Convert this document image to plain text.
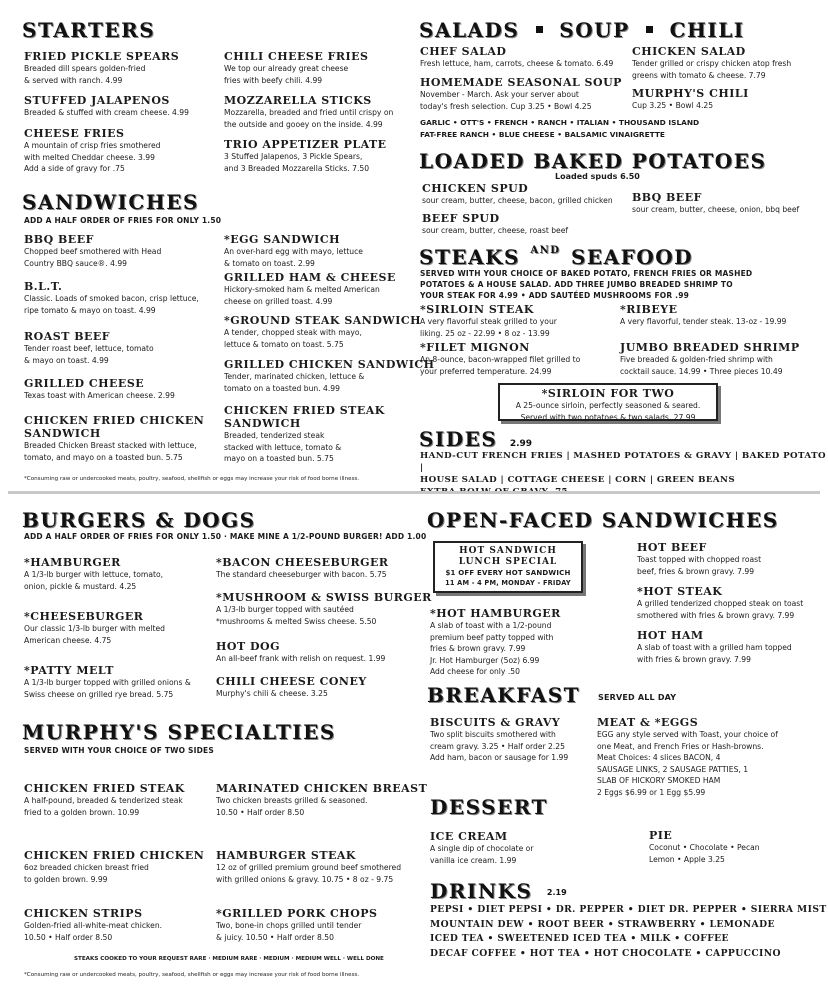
STARTERS
FRIED PICKLE SPEARS
Breaded dill spears golden-fried
& served with ranch. 4.99
STUFFED JALAPENOS
Breaded & stuffed with cream cheese. 4.99
CHEESE FRIES
A mountain of crisp fries smothered
with melted Cheddar cheese. 3.99
Add a side of gravy for .75
CHILI CHEESE FRIES
We top our already great cheese
fries with beefy chili. 4.99
MOZZARELLA STICKS
Mozzarella, breaded and fried until crispy on
the outside and gooey on the inside. 4.99
TRIO APPETIZER PLATE
3 Stuffed Jalapenos, 3 Pickle Spears,
and 3 Breaded Mozzarella Sticks. 7.50
SANDWICHES
ADD A HALF ORDER OF FRIES FOR ONLY 1.50
BBQ BEEF
Chopped beef smothered with Head
Country BBQ sauce®. 4.99
B.L.T.
Classic. Loads of smoked bacon, crisp lettuce,
ripe tomato & mayo on toast. 4.99
ROAST BEEF
Tender roast beef, lettuce, tomato
& mayo on toast. 4.99
GRILLED CHEESE
Texas toast with American cheese. 2.99
CHICKEN FRIED CHICKEN
SANDWICH
Breaded Chicken Breast stacked with lettuce,
tomato, and mayo on a toasted bun. 5.75
*EGG SANDWICH
An over-hard egg with mayo, lettuce
& tomato on toast. 2.99
GRILLED HAM & CHEESE
Hickory-smoked ham & melted American
cheese on grilled toast. 4.99
*GROUND STEAK SANDWICH
A tender, chopped steak with mayo,
lettuce & tomato on toast. 5.75
GRILLED CHICKEN SANDWICH
Tender, marinated chicken, lettuce &
tomato on a toasted bun. 4.99
CHICKEN FRIED STEAK
SANDWICH
Breaded, tenderized steak
stacked with lettuce, tomato &
mayo on a toasted bun. 5.75
*Consuming raw or undercooked meats, poultry, seafood, shellfish or eggs may increase your risk of food borne illness.
SALADS SOUP CHILI
CHEF SALAD
Fresh lettuce, ham, carrots, cheese & tomato. 6.49
HOMEMADE SEASONAL SOUP
November - March. Ask your server about
today's fresh selection. Cup 3.25 • Bowl 4.25
CHICKEN SALAD
Tender grilled or crispy chicken atop fresh
greens with tomato & cheese. 7.79
MURPHY'S CHILI
Cup 3.25 • Bowl 4.25
GARLIC • OTT'S • FRENCH • RANCH • ITALIAN • THOUSAND ISLAND
FAT-FREE RANCH • BLUE CHEESE • BALSAMIC VINAIGRETTE
LOADED BAKED POTATOES
Loaded spuds 6.50
CHICKEN SPUD
sour cream, butter, cheese, bacon, grilled chicken
BEEF SPUD
sour cream, butter, cheese, roast beef
BBQ BEEF
sour cream, butter, cheese, onion, bbq beef
STEAKS $^{AND}$ SEAFOOD
SERVED WITH YOUR CHOICE OF BAKED POTATO, FRENCH FRIES OR MASHED
POTATOES & A HOUSE SALAD. ADD THREE JUMBO BREADED SHRIMP TO
YOUR STEAK FOR 4.99 • ADD SAUTÉED MUSHROOMS FOR .99
*SIRLOIN STEAK
A very flavorful steak grilled to your
liking. 25 oz - 22.99 • 8 oz - 13.99
*FILET MIGNON
An 8-ounce, bacon-wrapped filet grilled to
your preferred temperature. 24.99
*RIBEYE
A very flavorful, tender steak. 13-oz - 19.99
JUMBO BREADED SHRIMP
Five breaded & golden-fried shrimp with
cocktail sauce. 14.99 • Three pieces 10.49
*SIRLOIN FOR TWO
A 25-ounce sirloin, perfectly seasoned & seared.
Served with two potatoes & two salads. 27.99
SIDES 2.99
HAND-CUT FRENCH FRIES | MASHED POTATOES & GRAVY | BAKED POTATO |
HOUSE SALAD | COTTAGE CHEESE | CORN | GREEN BEANS
BURGERS & DOGS
ADD A HALF ORDER OF FRIES FOR ONLY 1.50 · MAKE MINE A 1/2-POUND BURGER! ADD 1.00
*HAMBURGER
A 1/3-lb burger with lettuce, tomato,
onion, pickle & mustard. 4.25
*CHEESEBURGER
Our classic 1/3-lb burger with melted
American cheese. 4.75
*PATTY MELT
A 1/3-lb burger topped with grilled onions &
Swiss cheese on grilled rye bread. 5.75
*BACON CHEESEBURGER
The standard cheeseburger with bacon. 5.75
*MUSHROOM & SWISS BURGER
A 1/3-lb burger topped with sautéed
*mushrooms & melted Swiss cheese. 5.50
HOT DOG
An all-beef frank with relish on request. 1.99
CHILI CHEESE CONEY
Murphy's chili & cheese. 3.25
MURPHY'S SPECIALTIES
SERVED WITH YOUR CHOICE OF TWO SIDES
CHICKEN FRIED STEAK
A half-pound, breaded & tenderized steak
fried to a golden brown. 10.99
CHICKEN FRIED CHICKEN
6oz breaded chicken breast fried
to golden brown. 9.99
CHICKEN STRIPS
Golden-fried all-white-meat chicken.
10.50 • Half order 8.50
MARINATED CHICKEN BREAST
Two chicken breasts grilled & seasoned.
10.50 • Half order 8.50
HAMBURGER STEAK
12 oz of grilled premium ground beef smothered
with grilled onions & gravy. 10.75 • 8 oz - 9.75
*GRILLED PORK CHOPS
Two, bone-in chops grilled until tender
& juicy. 10.50 • Half order 8.50
STEAKS COOKED TO YOUR REQUEST RARE · MEDIUM RARE · MEDIUM · MEDIUM WELL · WELL DONE
*Consuming raw or undercooked meats, poultry, seafood, shellfish or eggs may increase your risk of food borne illness.
OPEN-FACED SANDWICHES
HOT SANDWICH
LUNCH SPECIAL
$1 OFF EVERY HOT SANDWICH
11 AM - 4 PM, MONDAY - FRIDAY
*HOT HAMBURGER
A slab of toast with a 1/2-pound
premium beef patty topped with
fries & brown gravy. 7.99
Jr. Hot Hamburger (5oz) 6.99
Add cheese for only .50
HOT BEEF
Toast topped with chopped roast
beef, fries & brown gravy. 7.99
*HOT STEAK
A grilled tenderized chopped steak on toast
smothered with fries & brown gravy. 7.99
HOT HAM
A slab of toast with a grilled ham topped
with fries & brown gravy. 7.99
BREAKFAST SERVED ALL DAY
BISCUITS & GRAVY
Two split biscuits smothered with
cream gravy. 3.25 • Half order 2.25
Add ham, bacon or sausage for 1.99
MEAT & *EGGS
EGG any style served with Toast, your choice of
one Meat, and French Fries or Hash-browns.
Meat Choices: 4 slices BACON, 4
SAUSAGE LINKS, 2 SAUSAGE PATTIES, 1
SLAB OF HICKORY SMOKED HAM
2 Eggs $6.99 or 1 Egg $5.99
DESSERT
ICE CREAM
A single dip of chocolate or
vanilla ice cream. 1.99
PIE
Coconut • Chocolate • Pecan
Lemon • Apple 3.25
DRINKS 2.19
PEPSI • DIET PEPSI • DR. PEPPER • DIET DR. PEPPER • SIERRA MIST
MOUNTAIN DEW • ROOT BEER • STRAWBERRY • LEMONADE
ICED TEA • SWEETENED ICED TEA • MILK • COFFEE
DECAF COFFEE • HOT TEA • HOT CHOCOLATE • CAPPUCCINO
